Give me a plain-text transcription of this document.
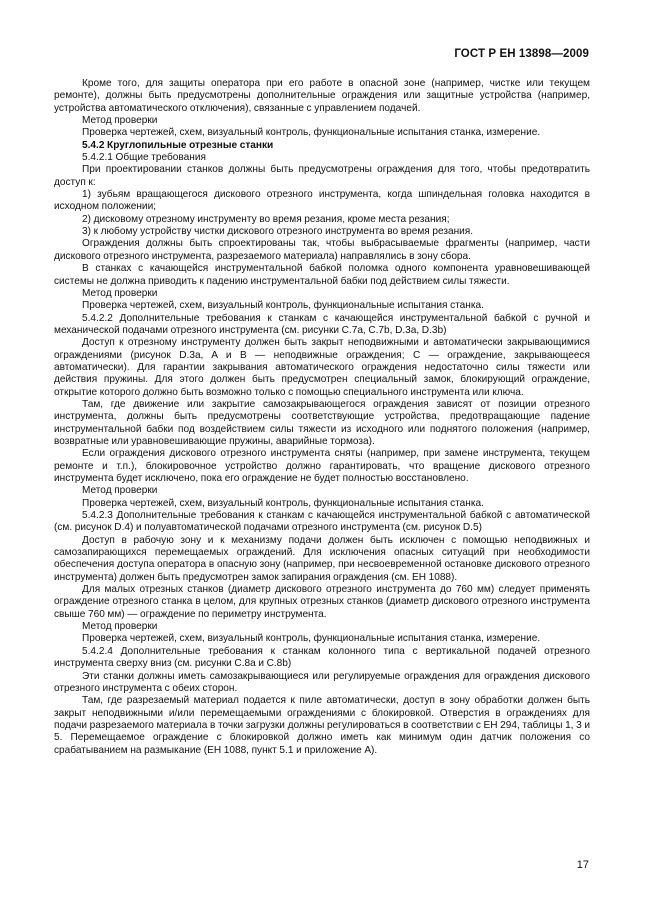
ГОСТ Р ЕН 13898—2009

Кроме того, для защиты оператора при его работе в опасной зоне (например, чистке или текущем ремонте), должны быть предусмотрены дополнительные ограждения или защитные устройства (например, устройства автоматического отключения), связанные с управлением подачей.

Метод проверки

Проверка чертежей, схем, визуальный контроль, функциональные испытания станка, измерение.

5.4.2 Круглопильные отрезные станки

5.4.2.1 Общие требования

При проектировании станков должны быть предусмотрены ограждения для того, чтобы предотвратить доступ к:

1) зубьям вращающегося дискового отрезного инструмента, когда шпиндельная головка находится в исходном положении;

2) дисковому отрезному инструменту во время резания, кроме места резания;

3) к любому устройству чистки дискового отрезного инструмента во время резания.

Ограждения должны быть спроектированы так, чтобы выбрасываемые фрагменты (например, части дискового отрезного инструмента, разрезаемого материала) направлялись в зону сбора.

В станках с качающейся инструментальной бабкой поломка одного компонента уравновешивающей системы не должна приводить к падению инструментальной бабки под действием силы тяжести.

Метод проверки

Проверка чертежей, схем, визуальный контроль, функциональные испытания станка.

5.4.2.2 Дополнительные требования к станкам с качающейся инструментальной бабкой с ручной и механической подачами отрезного инструмента (см. рисунки С.7a, С.7b, D.3a, D.3b)

Доступ к отрезному инструменту должен быть закрыт неподвижными и автоматически закрывающимися ограждениями (рисунок D.3a, A и B — неподвижные ограждения; C — ограждение, закрывающееся автоматически). Для гарантии закрывания автоматического ограждения недостаточно силы тяжести или действия пружины. Для этого должен быть предусмотрен специальный замок, блокирующий ограждение, открытие которого должно быть возможно только с помощью специального инструмента или ключа.

Там, где движение или закрытие самозакрывающегося ограждения зависят от позиции отрезного инструмента, должны быть предусмотрены соответствующие устройства, предотвращающие падение инструментальной бабки под воздействием силы тяжести из исходного или поднятого положения (например, возвратные или уравновешивающие пружины, аварийные тормоза).

Если ограждения дискового отрезного инструмента сняты (например, при замене инструмента, текущем ремонте и т.п.), блокировочное устройство должно гарантировать, что вращение дискового отрезного инструмента будет исключено, пока его ограждение не будет полностью восстановлено.

Метод проверки

Проверка чертежей, схем, визуальный контроль, функциональные испытания станка.

5.4.2.3 Дополнительные требования к станкам с качающейся инструментальной бабкой с автоматической (см. рисунок D.4) и полуавтоматической подачами отрезного инструмента (см. рисунок D.5)

Доступ в рабочую зону и к механизму подачи должен быть исключен с помощью неподвижных и самозапирающихся перемещаемых ограждений. Для исключения опасных ситуаций при необходимости обеспечения доступа оператора в опасную зону (например, при несвоевременной остановке дискового отрезного инструмента) должен быть предусмотрен замок запирания ограждения (см. ЕН 1088).

Для малых отрезных станков (диаметр дискового отрезного инструмента до 760 мм) следует применять ограждение отрезного станка в целом, для крупных отрезных станков (диаметр дискового отрезного инструмента свыше 760 мм) — ограждение по периметру инструмента.

Метод проверки

Проверка чертежей, схем, визуальный контроль, функциональные испытания станка, измерение.

5.4.2.4 Дополнительные требования к станкам колонного типа с вертикальной подачей отрезного инструмента сверху вниз (см. рисунки С.8a и С.8b)

Эти станки должны иметь самозакрывающиеся или регулируемые ограждения для ограждения дискового отрезного инструмента с обеих сторон.

Там, где разрезаемый материал подается к пиле автоматически, доступ в зону обработки должен быть закрыт неподвижными и/или перемещаемыми ограждениями с блокировкой. Отверстия в ограждениях для подачи разрезаемого материала в точки загрузки должны регулироваться в соответствии с ЕН 294, таблицы 1, 3 и 5. Перемещаемое ограждение с блокировкой должно иметь как минимум один датчик положения со срабатыванием на размыкание (ЕН 1088, пункт 5.1 и приложение А).

17
